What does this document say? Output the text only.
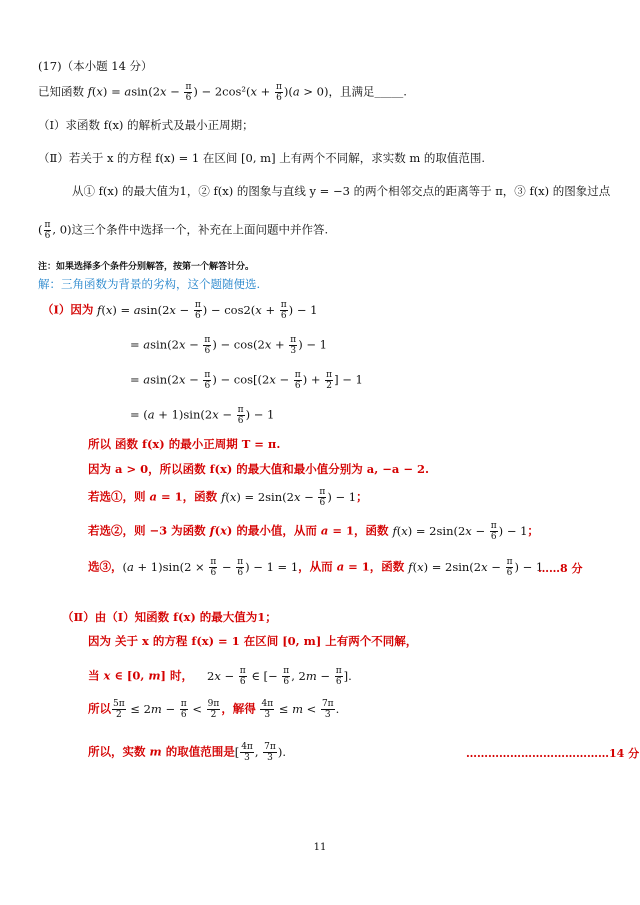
(17)（本小题 14 分）
已知函数 $f(x) = asin(2x - \frac{\pi}{6}$ ) − $2\cos^2(x + \frac{\pi}{6} )(a > 0)$，且满足_____.
（Ⅰ）求函数 f(x) 的解析式及最小正周期；
（Ⅱ）若关于 x 的方程 f(x) = 1 在区间 [0, m] 上有两个不同解，求实数 m 的取值范围.
从① f(x) 的最大值为1，② f(x) 的图象与直线 y = −3 的两个相邻交点的距离等于 π，③ f(x) 的图象过点
( $\frac{\pi}{6}$ , 0)这三个条件中选择一个，补充在上面问题中并作答.
注：如果选择多个条件分别解答，按第一个解答计分。
解：三角函数为背景的劣构，这个题随便选.
（Ⅰ）因为 $f(x) = asin(2x - \frac{\pi}{6}$ ) − $\cos 2(x + \frac{\pi}{6}$ ) − 1
= $asin(2x - \frac{\pi}{6}$ ) − $\cos(2x + \frac{\pi}{3}$ ) − 1
= $asin(2x - \frac{\pi}{6}$ ) − $\cos[(2x - \frac{\pi}{6}$ ) + $\frac{\pi}{2}$ ] − 1
= $(a + 1)\sin(2x - \frac{\pi}{6}$ ) − 1
所以 函数 f(x) 的最小正周期 T = π.
因为 a > 0，所以函数 f(x) 的最大值和最小值分别为 a, −a − 2.
若选①，则 a = 1，函数 $f(x) = 2\sin(2x - \frac{\pi}{6}$ ) − 1；
若选②，则 −3 为函数 f(x) 的最小值，从而 a = 1，函数 $f(x) = 2\sin(2x - \frac{\pi}{6}$ ) − 1；
选③，$(a + 1)\sin(2 \times \frac{\pi}{6} - \frac{\pi}{6}$ ) − 1 = 1，从而 a = 1，函数 $f(x) = 2\sin(2x - \frac{\pi}{6}$ ) − 1
……8 分
（Ⅱ）由（Ⅰ）知函数 f(x) 的最大值为1；
因为 关于 x 的方程 f(x) = 1 在区间 [0, m] 上有两个不同解，
当 x ∈ [0, m] 时， $2x - \frac{\pi}{6}$ ∈ [− $\frac{\pi}{6}$ , $2m - \frac{\pi}{6}$ ].
所以 $\frac{5\pi}{2} \le 2m - \frac{\pi}{6} < \frac{9\pi}{2}$ ，解得 $\frac{4\pi}{3} \le m < \frac{7\pi}{3}$ .
所以，实数 m 的取值范围是[ $\frac{4\pi}{3}$ , $\frac{7\pi}{3}$ ).	…………………………………14 分
11
